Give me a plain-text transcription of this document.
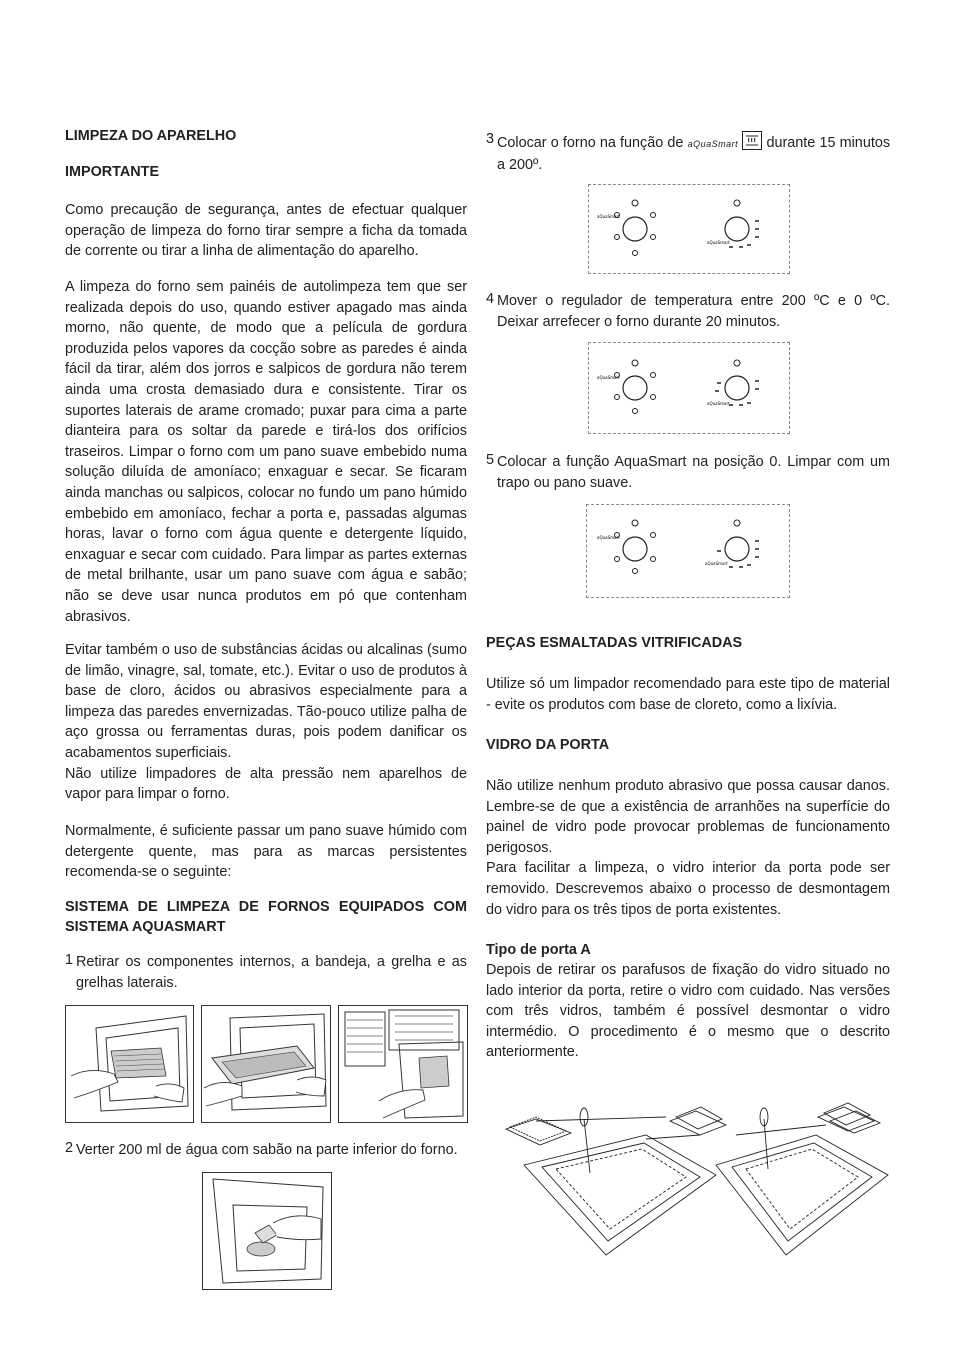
LIMPEZA DO APARELHO
IMPORTANTE

Como precaução de segurança, antes de efectuar qualquer operação de limpeza do forno tirar sempre a ficha da tomada de corrente ou tirar a linha de alimentação do aparelho.

A limpeza do forno sem painéis de autolimpeza tem que ser realizada depois do uso, quando estiver apagado mas ainda morno, não quente, de modo que a película de gordura produzida pelos vapores da cocção sobre as paredes é ainda fácil da tirar, além dos jorros e salpicos de gordura não terem ainda uma crosta demasiado dura e consistente. Tirar os suportes laterais de arame cromado; puxar para cima a parte dianteira para os soltar da parede e tirá-los dos orifícios traseiros. Limpar o forno com um pano suave embebido numa solução diluída de amoníaco; enxaguar e secar. Se ficaram ainda manchas ou salpicos, colocar no fundo um pano húmido embebido em amoníaco, fechar a porta e, passadas algumas horas, lavar o forno com água quente e detergente líquido, enxaguar e secar com cuidado. Para limpar as partes externas de metal brilhante, usar um pano suave com água e sabão; não se deve usar nunca produtos em pó que contenham abrasivos.

Evitar também o uso de substâncias ácidas ou alcalinas (sumo de limão, vinagre, sal, tomate, etc.). Evitar o uso de produtos à base de cloro, ácidos ou abrasivos especialmente para a limpeza das paredes envernizadas. Tão-pouco utilize palha de aço grossa ou ferramentas duras, pois podem danificar os acabamentos superficiais.

Não utilize limpadores de alta pressão nem aparelhos de vapor para limpar o forno.

Normalmente, é suficiente passar um pano suave húmido com detergente quente, mas para as marcas persistentes recomenda-se o seguinte:

SISTEMA DE LIMPEZA DE FORNOS EQUIPADOS COM SISTEMA AQUASMART
1 Retirar os componentes internos, a bandeja, a grelha e as grelhas laterais.

2 Verter 200 ml de água com sabão na parte inferior do forno.

3 Colocar o forno na função de aQuaSmart durante 15 minutos a 200º.

aQuaSmart
aQuaSmart
4 Mover o regulador de temperatura entre 200 ºC e 0 ºC. Deixar arrefecer o forno durante 20 minutos.

aQuaSmart
aQuaSmart
5 Colocar a função AquaSmart na posição 0. Limpar com um trapo ou pano suave.

aQuaSmart
aQuaSmart
PEÇAS ESMALTADAS VITRIFICADAS

Utilize só um limpador recomendado para este tipo de material - evite os produtos com base de cloreto, como a lixívia.

VIDRO DA PORTA

Não utilize nenhum produto abrasivo que possa causar danos. Lembre-se de que a existência de arranhões na superfície do painel de vidro pode provocar problemas de funcionamento perigosos.

Para facilitar a limpeza, o vidro interior da porta pode ser removido. Descrevemos abaixo o processo de desmontagem do vidro para os três tipos de porta existentes.

Tipo de porta A

Depois de retirar os parafusos de fixação do vidro situado no lado interior da porta, retire o vidro com cuidado. Nas versões com três vidros, também é possível desmontar o vidro intermédio. O procedimento é o mesmo que o descrito anteriormente.
